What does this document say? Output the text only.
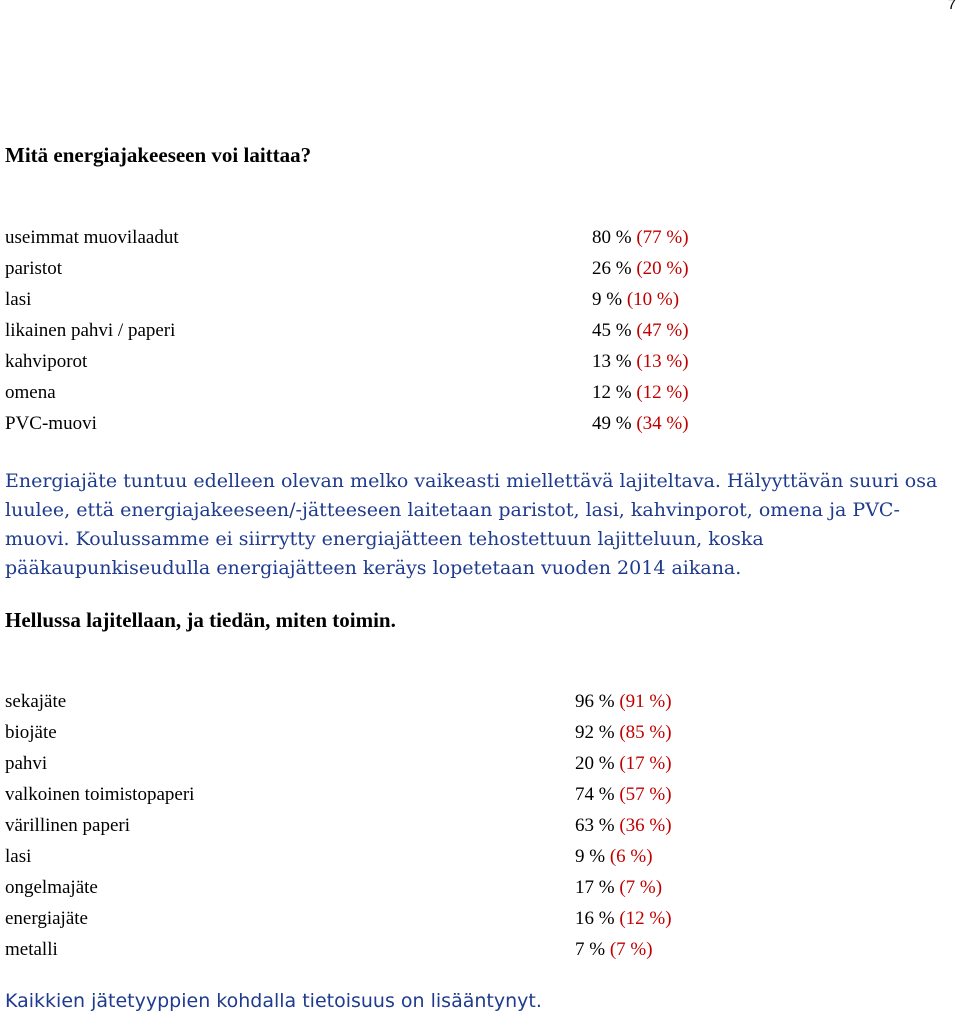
7
Mitä energiajakeeseen voi laittaa?
useimmat muovilaadut	80 % (77 %)
paristot	26 % (20 %)
lasi	9 % (10 %)
likainen pahvi / paperi	45 % (47 %)
kahviporot	13 % (13 %)
omena	12 % (12 %)
PVC-muovi	49 % (34 %)

Energiajäte tuntuu edelleen olevan melko vaikeasti miellettävä lajiteltava. Hälyyttävän suuri osa luulee, että energiajakeeseen/-jätteeseen laitetaan paristot, lasi, kahvinporot, omena ja PVC-muovi. Koulussamme ei siirrytty energiajätteen tehostettuun lajitteluun, koska pääkaupunkiseudulla energiajätteen keräys lopetetaan vuoden 2014 aikana.

Hellussa lajitellaan, ja tiedän, miten toimin.
sekajäte	96 % (91 %)
biojäte	92 % (85 %)
pahvi	20 % (17 %)
valkoinen toimistopaperi	74 % (57 %)
värillinen paperi	63 % (36 %)
lasi	9 % (6 %)
ongelmajäte	17 % (7 %)
energiajäte	16 % (12 %)
metalli	7 % (7 %)

Kaikkien jätetyyppien kohdalla tietoisuus on lisääntynyt.
